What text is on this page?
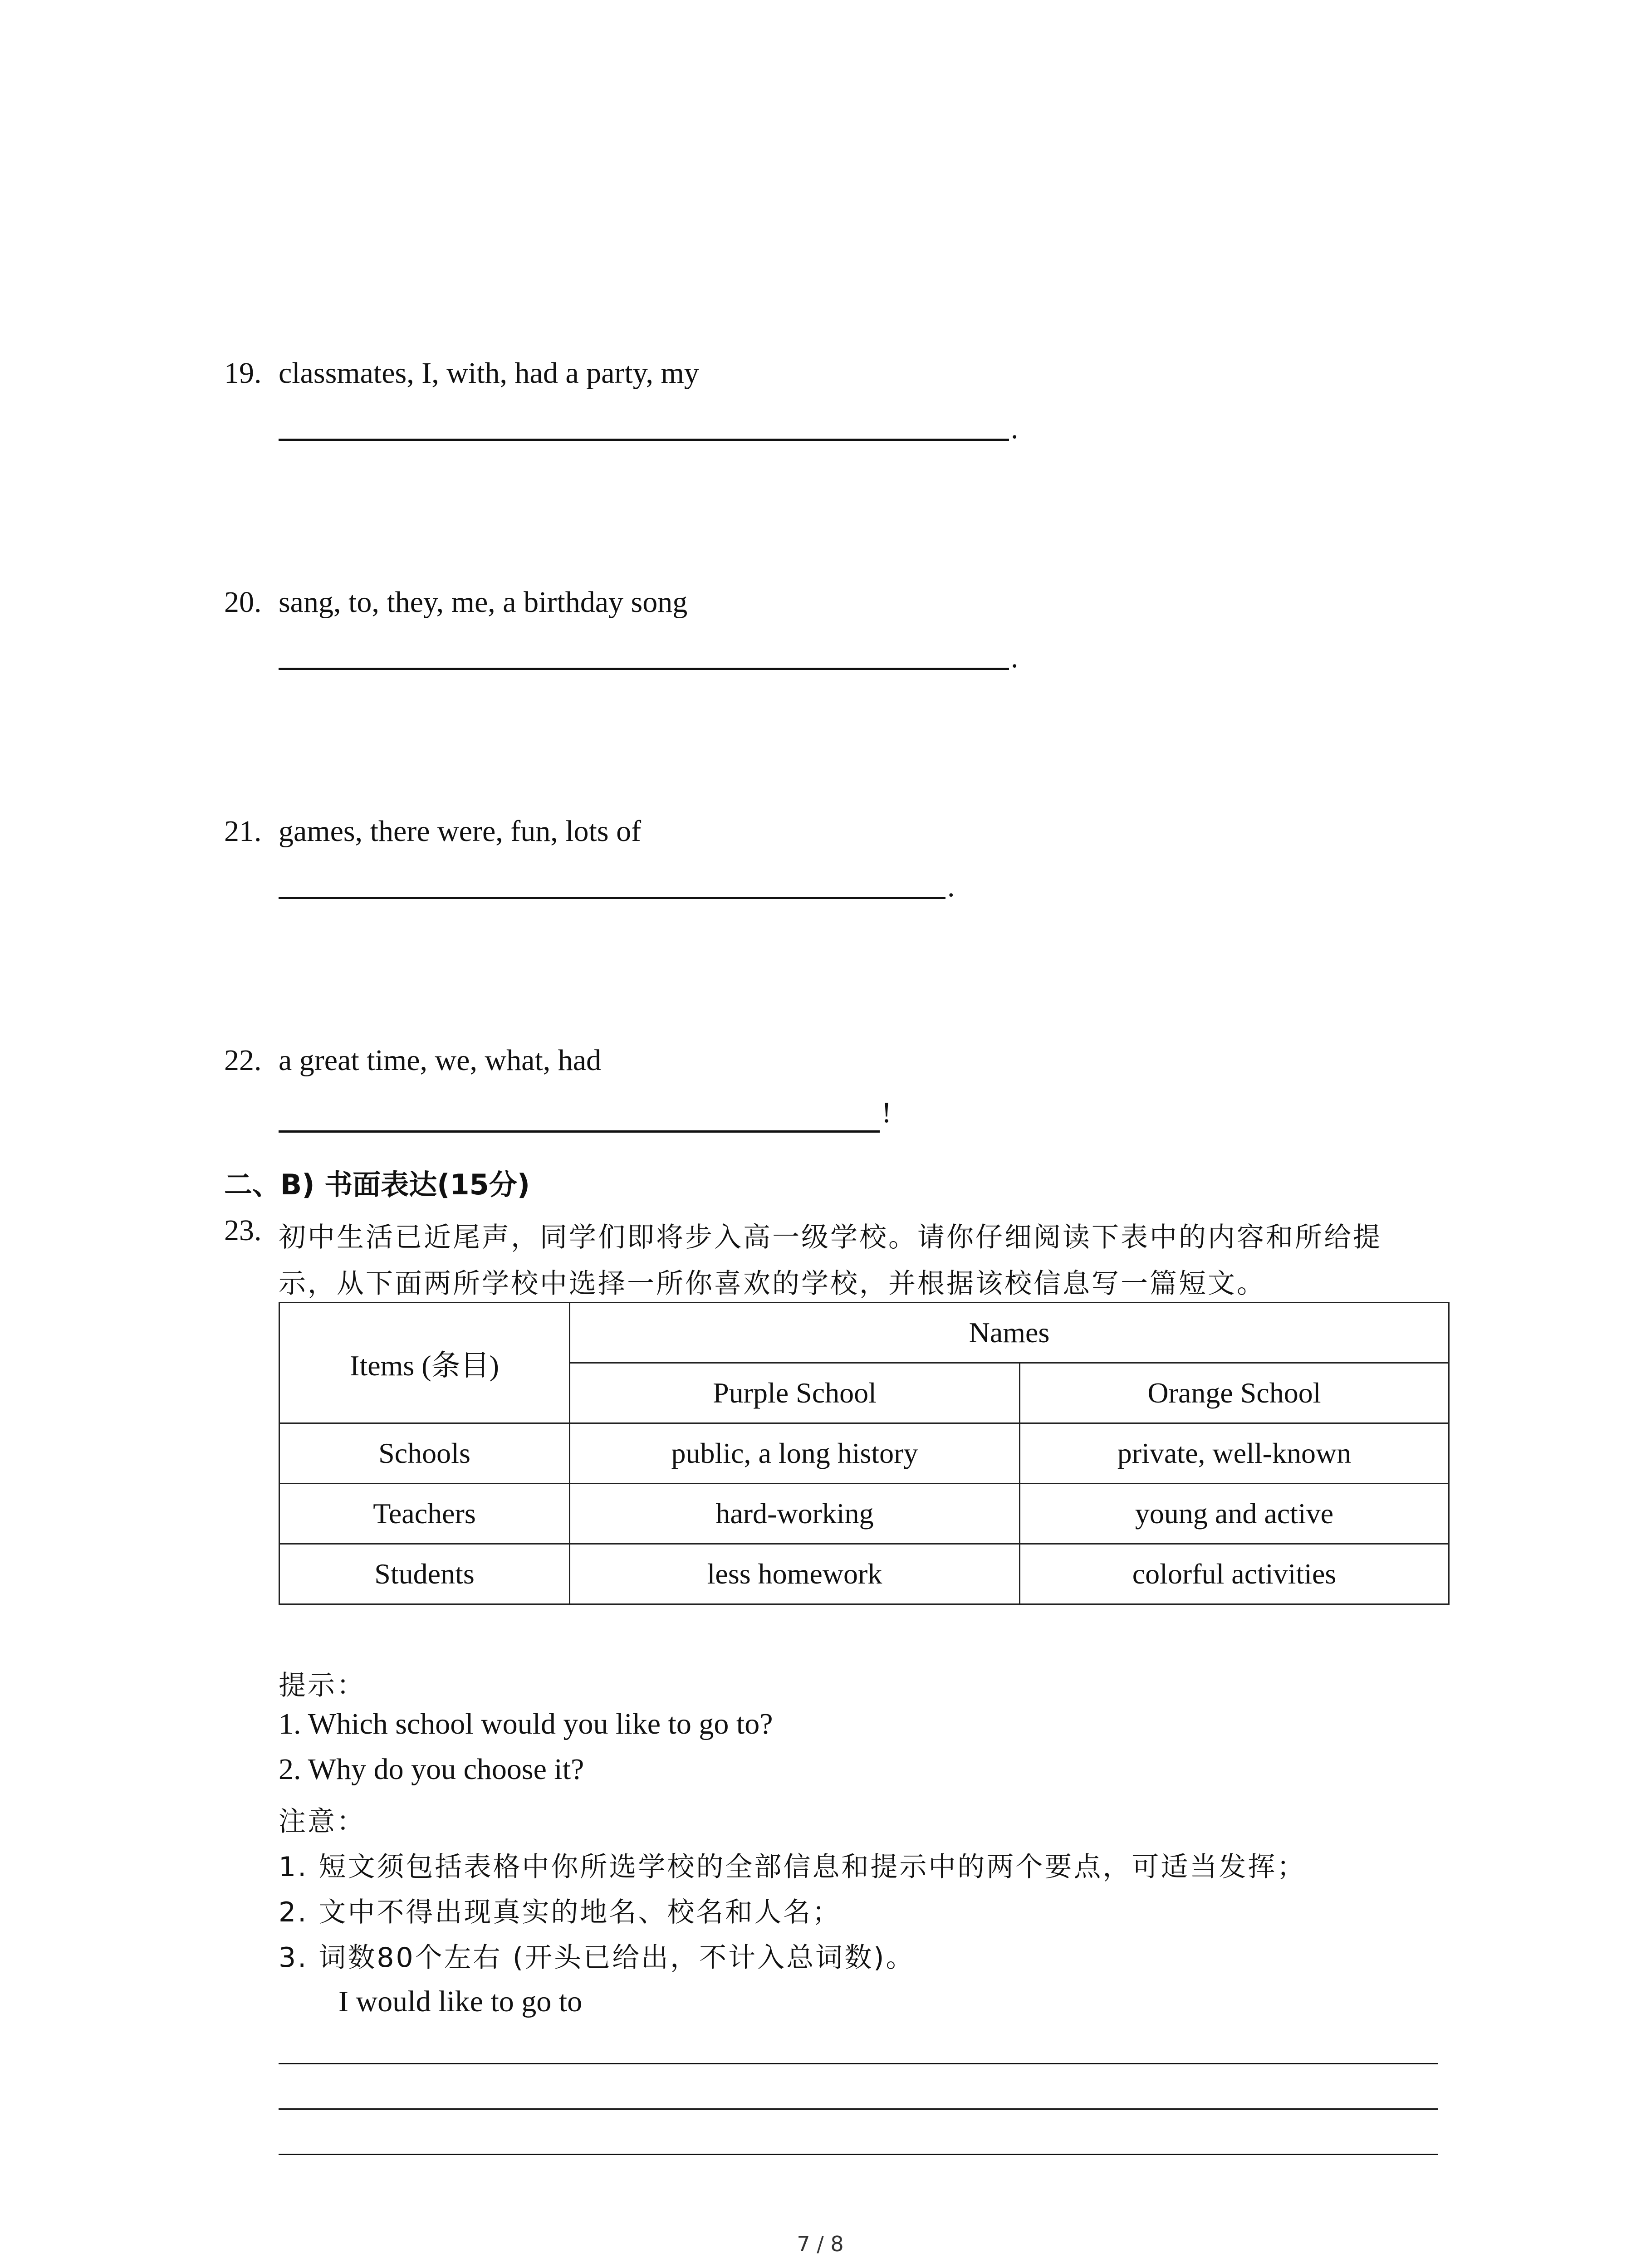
19. classmates, I, with, had a party, my
.
20. sang, to, they, me, a birthday song
.
21. games, there were, fun, lots of
.
22. a great time, we, what, had
!
二、B) 书面表达(15分)
23. 初中生活已近尾声，同学们即将步入高一级学校。请你仔细阅读下表中的内容和所给提
示，从下面两所学校中选择一所你喜欢的学校，并根据该校信息写一篇短文。
Items (条目)	Names	
	Purple School	Orange School
Schools	public, a long history	private, well-known
Teachers	hard-working	young and active
Students	less homework	colorful activities
提示：
1. Which school would you like to go to?
2. Why do you choose it?
注意：
1. 短文须包括表格中你所选学校的全部信息和提示中的两个要点，可适当发挥；
2. 文中不得出现真实的地名、校名和人名；
3. 词数80个左右 (开头已给出，不计入总词数)。
I would like to go to
7 / 8
